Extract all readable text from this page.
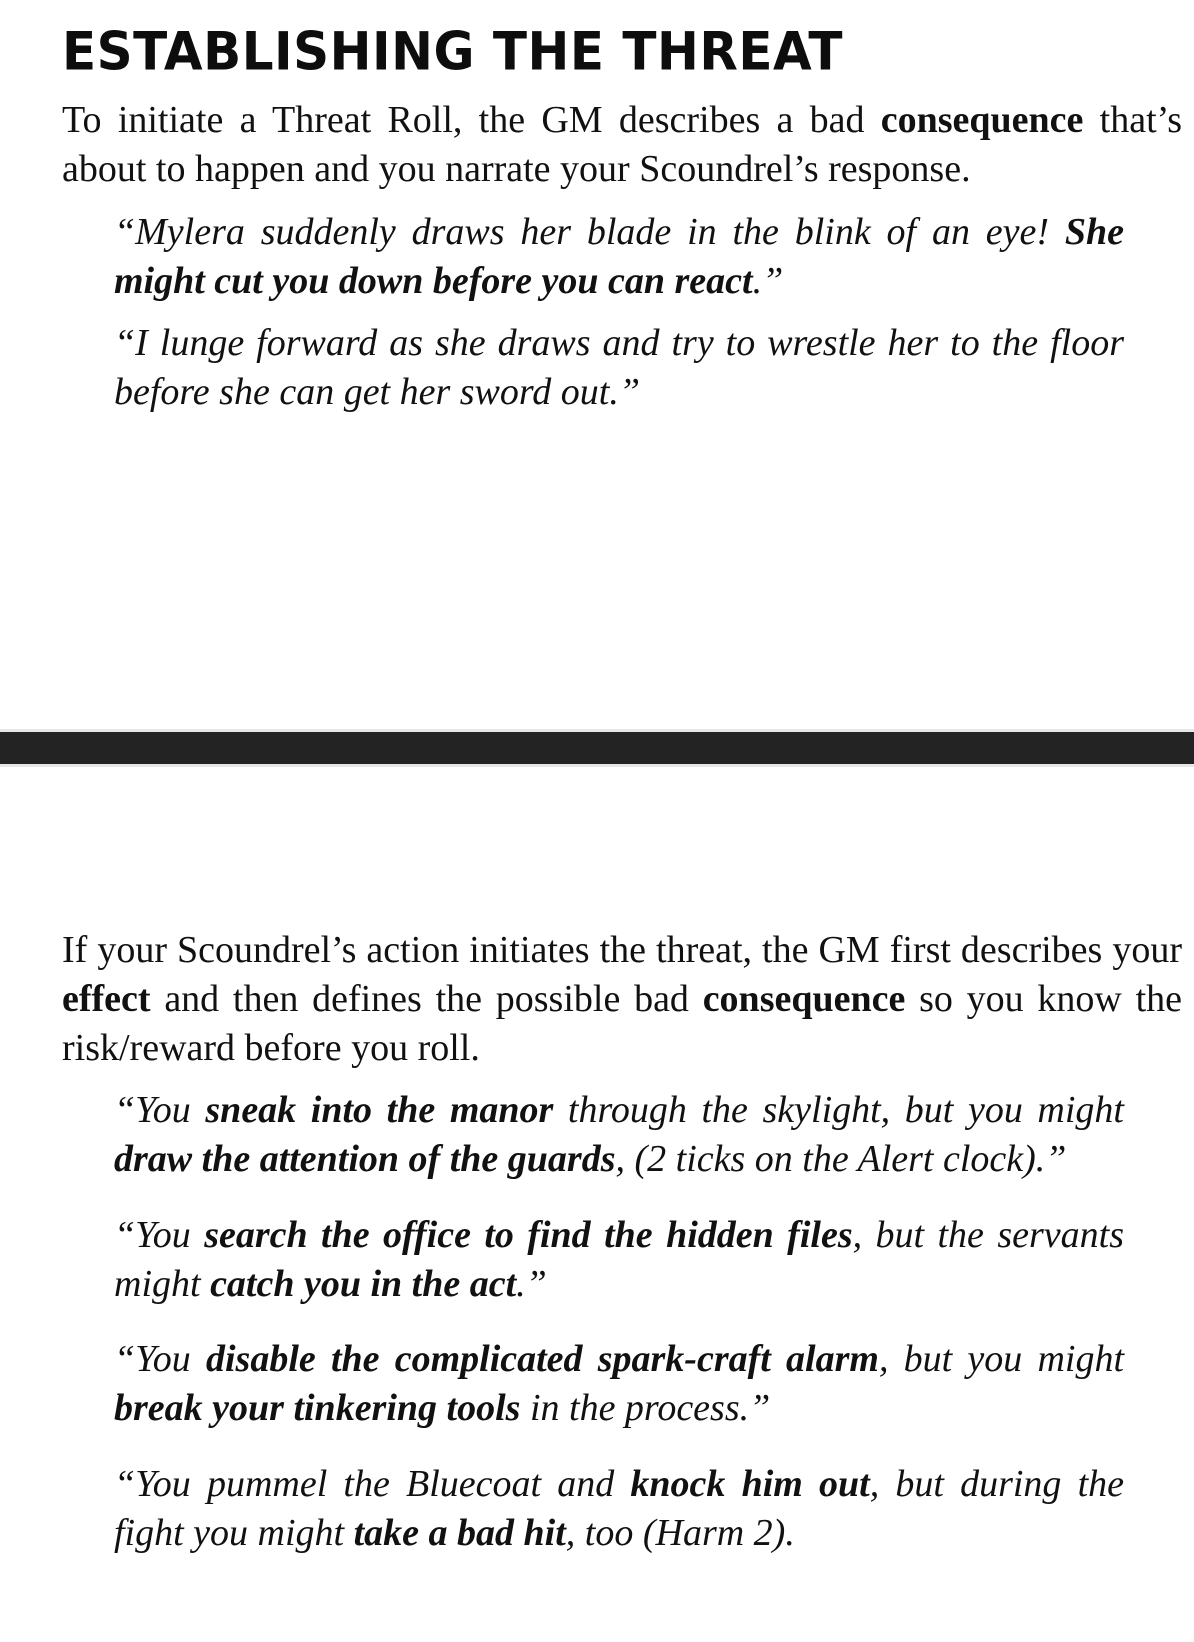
ESTABLISHING THE THREAT

To initiate a Threat Roll, the GM describes a bad consequence that’s about to happen and you narrate your Scoundrel’s response.

“Mylera suddenly draws her blade in the blink of an eye! She might cut you down before you can react.”

“I lunge forward as she draws and try to wrestle her to the floor before she can get her sword out.”

If your Scoundrel’s action initiates the threat, the GM first describes your effect and then defines the possible bad consequence so you know the risk/reward before you roll.

“You sneak into the manor through the skylight, but you might draw the attention of the guards, (2 ticks on the Alert clock).”

“You search the office to find the hidden files, but the servants might catch you in the act.”

“You disable the complicated spark-craft alarm, but you might break your tinkering tools in the process.”

“You pummel the Bluecoat and knock him out, but during the fight you might take a bad hit, too (Harm 2).
